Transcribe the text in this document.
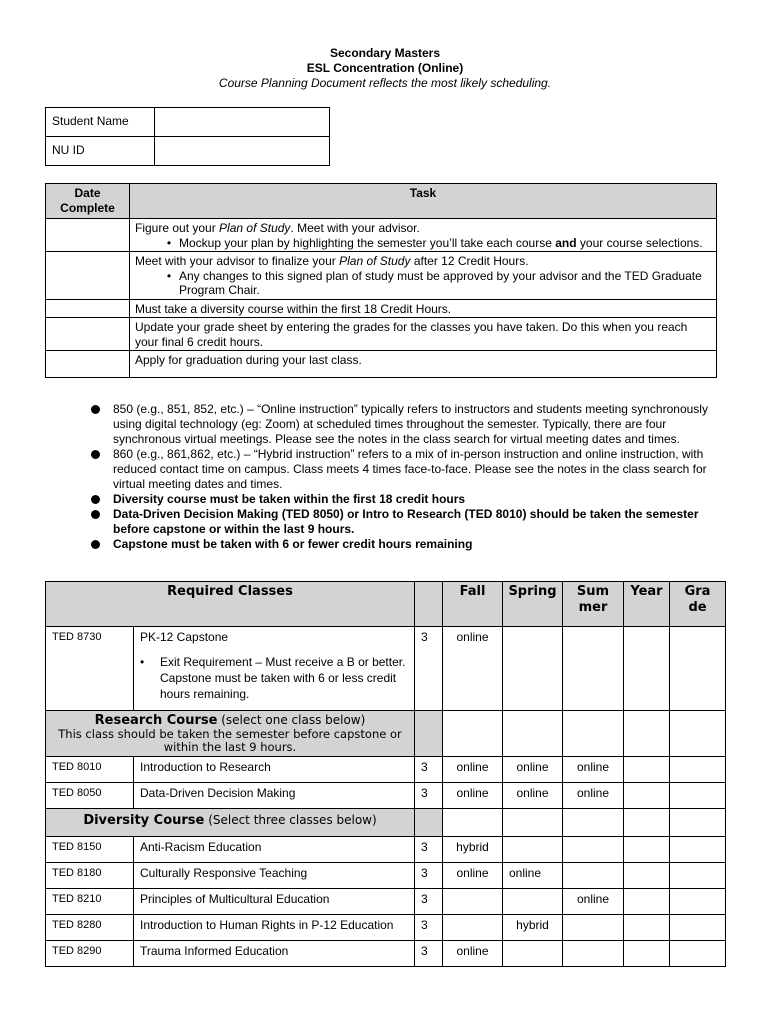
Secondary Masters
ESL Concentration (Online)
Course Planning Document reflects the most likely scheduling.
Student Name	
NU ID	
Date Complete	Task
	Figure out your Plan of Study. Meet with your advisor.
• Mockup your plan by highlighting the semester you’ll take each course and your course selections.

	Meet with your advisor to finalize your Plan of Study after 12 Credit Hours.
• Any changes to this signed plan of study must be approved by your advisor and the TED Graduate Program Chair.

	Must take a diversity course within the first 18 Credit Hours.
	Update your grade sheet by entering the grades for the classes you have taken. Do this when you reach your final 6 credit hours.
	Apply for graduation during your last class.
850 (e.g., 851, 852, etc.) – “Online instruction” typically refers to instructors and students meeting synchronously using digital technology (eg: Zoom) at scheduled times throughout the semester. Typically, there are four synchronous virtual meetings. Please see the notes in the class search for virtual meeting dates and times.
860 (e.g., 861,862, etc.) – “Hybrid instruction” refers to a mix of in-person instruction and online instruction, with reduced contact time on campus. Class meets 4 times face-to-face. Please see the notes in the class search for virtual meeting dates and times.
Diversity course must be taken within the first 18 credit hours
Data-Driven Decision Making (TED 8050) or Intro to Research (TED 8010) should be taken the semester before capstone or within the last 9 hours.
Capstone must be taken with 6 or fewer credit hours remaining
Required Classes			Fall	Spring	Summer	Year	Grade
TED 8730	PK-12 Capstone
• Exit Requirement – Must receive a B or better. Capstone must be taken with 6 or less credit hours remaining.	3	online				
Research Course (select one class below)
This class should be taken the semester before capstone or within the last 9 hours.							

TED 8010	Introduction to Research	3	online	online	online		
TED 8050	Data-Driven Decision Making	3	online	online	online		
Diversity Course (Select three classes below)							
TED 8150	Anti-Racism Education	3	hybrid				
TED 8180	Culturally Responsive Teaching	3	online	online			
TED 8210	Principles of Multicultural Education	3			online		
TED 8280	Introduction to Human Rights in P-12 Education	3		hybrid			
TED 8290	Trauma Informed Education	3	online				
